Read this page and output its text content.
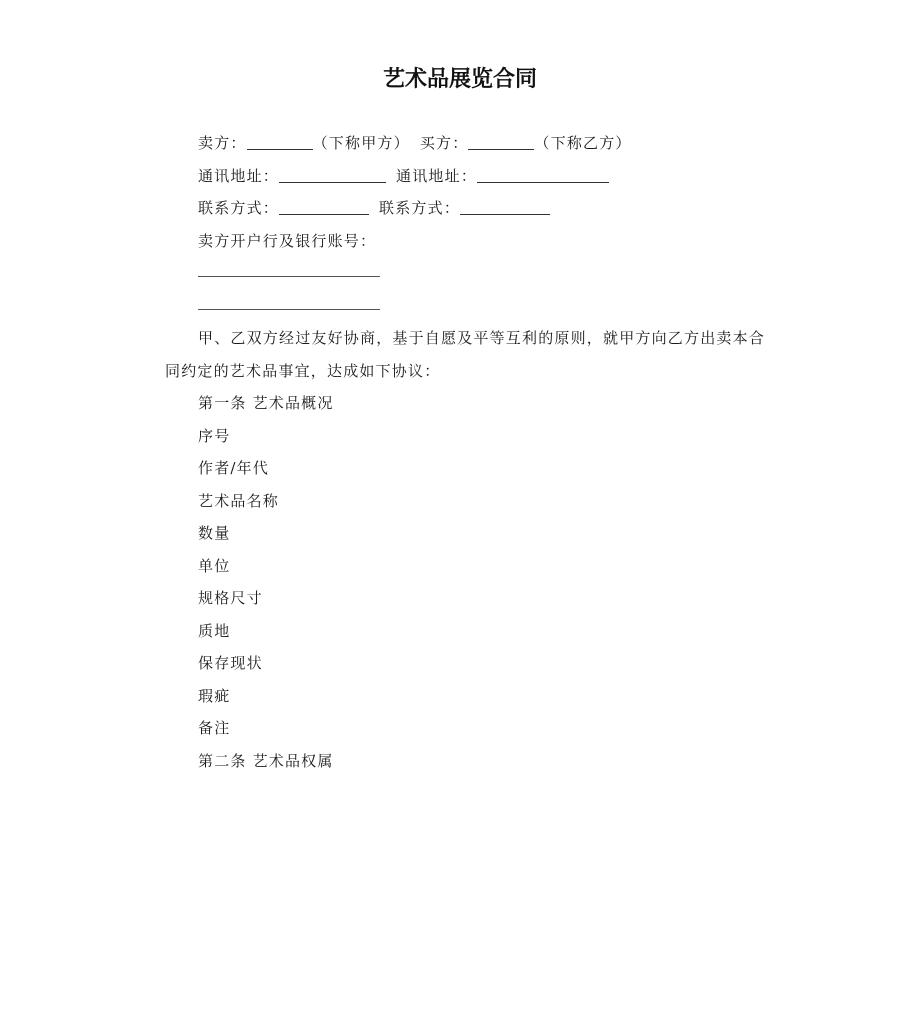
艺术品展览合同
卖方：	（下称甲方） 买方：	（下称乙方）
通讯地址：	通讯地址：
联系方式：	联系方式：
卖方开户行及银行账号：
甲、乙双方经过友好协商，基于自愿及平等互利的原则，就甲方向乙方出卖本合同约定的艺术品事宜，达成如下协议：
第一条 艺术品概况
序号
作者/年代
艺术品名称
数量
单位
规格尺寸
质地
保存现状
瑕疵
备注
第二条 艺术品权属
